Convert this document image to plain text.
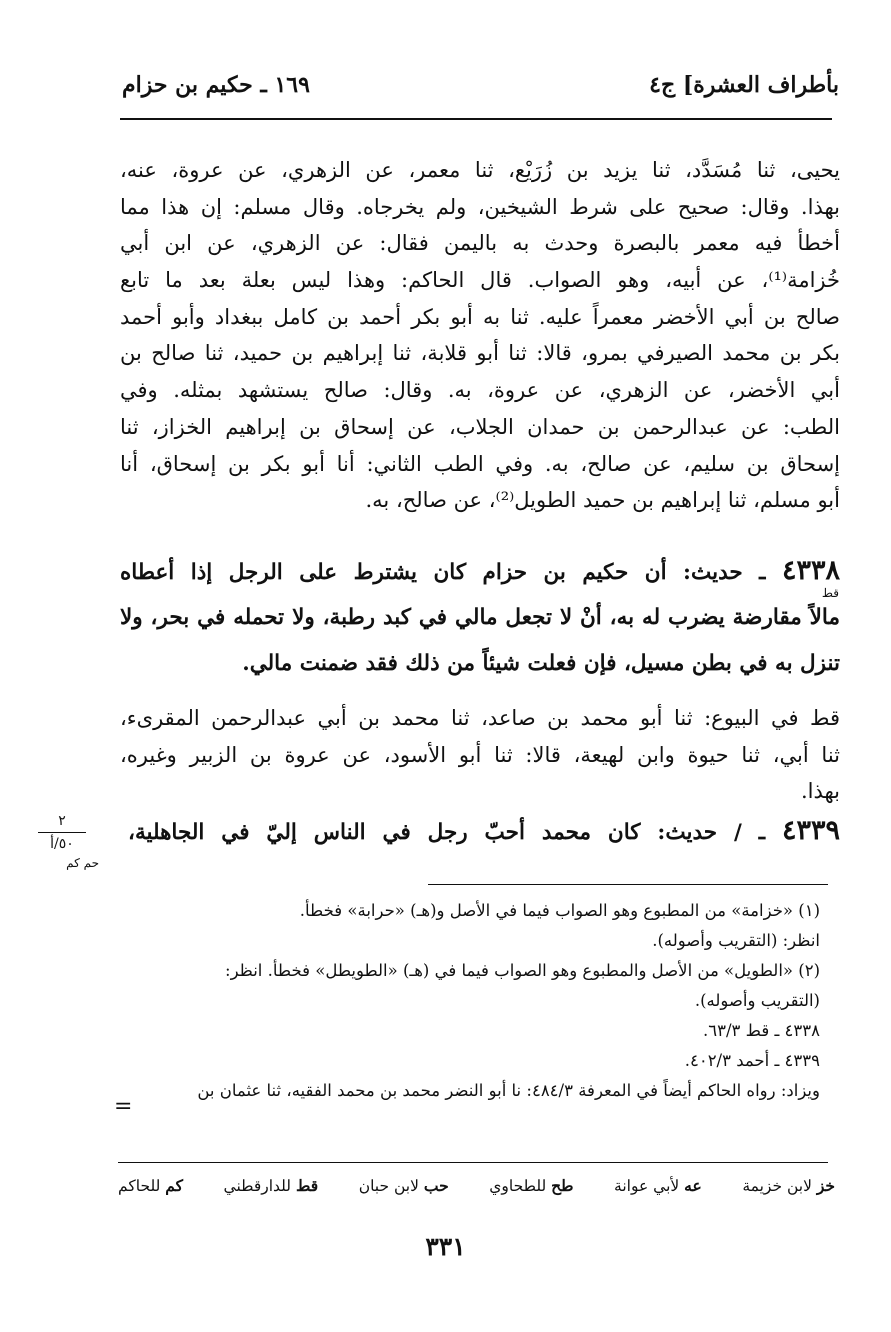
بأطراف العشرة] ج٤
١٦٩ ـ حكيم بن حزام
يحيى، ثنا مُسَدَّد، ثنا يزيد بن زُرَيْع، ثنا معمر، عن الزهري، عن عروة، عنه،
بهذا. وقال: صحيح على شرط الشيخين، ولم يخرجاه. وقال مسلم: إن هذا مما
أخطأ فيه معمر بالبصرة وحدث به باليمن فقال: عن الزهري، عن ابن أبي
خُزامة⁽¹⁾، عن أبيه، وهو الصواب. قال الحاكم: وهذا ليس بعلة بعد ما تابع
صالح بن أبي الأخضر معمراً عليه. ثنا به أبو بكر أحمد بن كامل ببغداد وأبو أحمد
بكر بن محمد الصيرفي بمرو، قالا: ثنا أبو قلابة، ثنا إبراهيم بن حميد، ثنا صالح بن
أبي الأخضر، عن الزهري، عن عروة، به. وقال: صالح يستشهد بمثله. وفي
الطب: عن عبدالرحمن بن حمدان الجلاب، عن إسحاق بن إبراهيم الخزاز، ثنا
إسحاق بن سليم، عن صالح، به. وفي الطب الثاني: أنا أبو بكر بن إسحاق، أنا
أبو مسلم، ثنا إبراهيم بن حميد الطويل⁽²⁾، عن صالح، به.
٤٣٣٨ ـ حديث: أن حكيم بن حزام كان يشترط على الرجل إذا أعطاه
مالاً مقارضة يضرب له به، أنْ لا تجعل مالي في كبد رطبة، ولا تحمله في بحر، ولا
تنزل به في بطن مسيل، فإن فعلت شيئاً من ذلك فقد ضمنت مالي.
قط
قط في البيوع: ثنا أبو محمد بن صاعد، ثنا محمد بن أبي عبدالرحمن المقرىء،
ثنا أبي، ثنا حيوة وابن لهيعة، قالا: ثنا أبو الأسود، عن عروة بن الزبير وغيره،
بهذا.
٤٣٣٩ ـ / حديث: كان محمد أحبّ رجل في الناس إليّ في الجاهلية،
حم كم
٢
٥٠/أ
(١) «خزامة» من المطبوع وهو الصواب فيما في الأصل و(هـ) «حرابة» فخطأ.
انظر: (التقريب وأصوله).
(٢) «الطويل» من الأصل والمطبوع وهو الصواب فيما في (هـ) «الطويطل» فخطأ. انظر:
(التقريب وأصوله).
٤٣٣٨ ـ قط ٦٣/٣.
٤٣٣٩ ـ أحمد ٤٠٢/٣.
ويزاد: رواه الحاكم أيضاً في المعرفة ٤٨٤/٣: نا أبو النضر محمد بن محمد الفقيه، ثنا عثمان بن
=
خز لابن خزيمة
عه لأبي عوانة
طح للطحاوي
حب لابن حبان
قط للدارقطني
كم للحاكم
٣٣١
